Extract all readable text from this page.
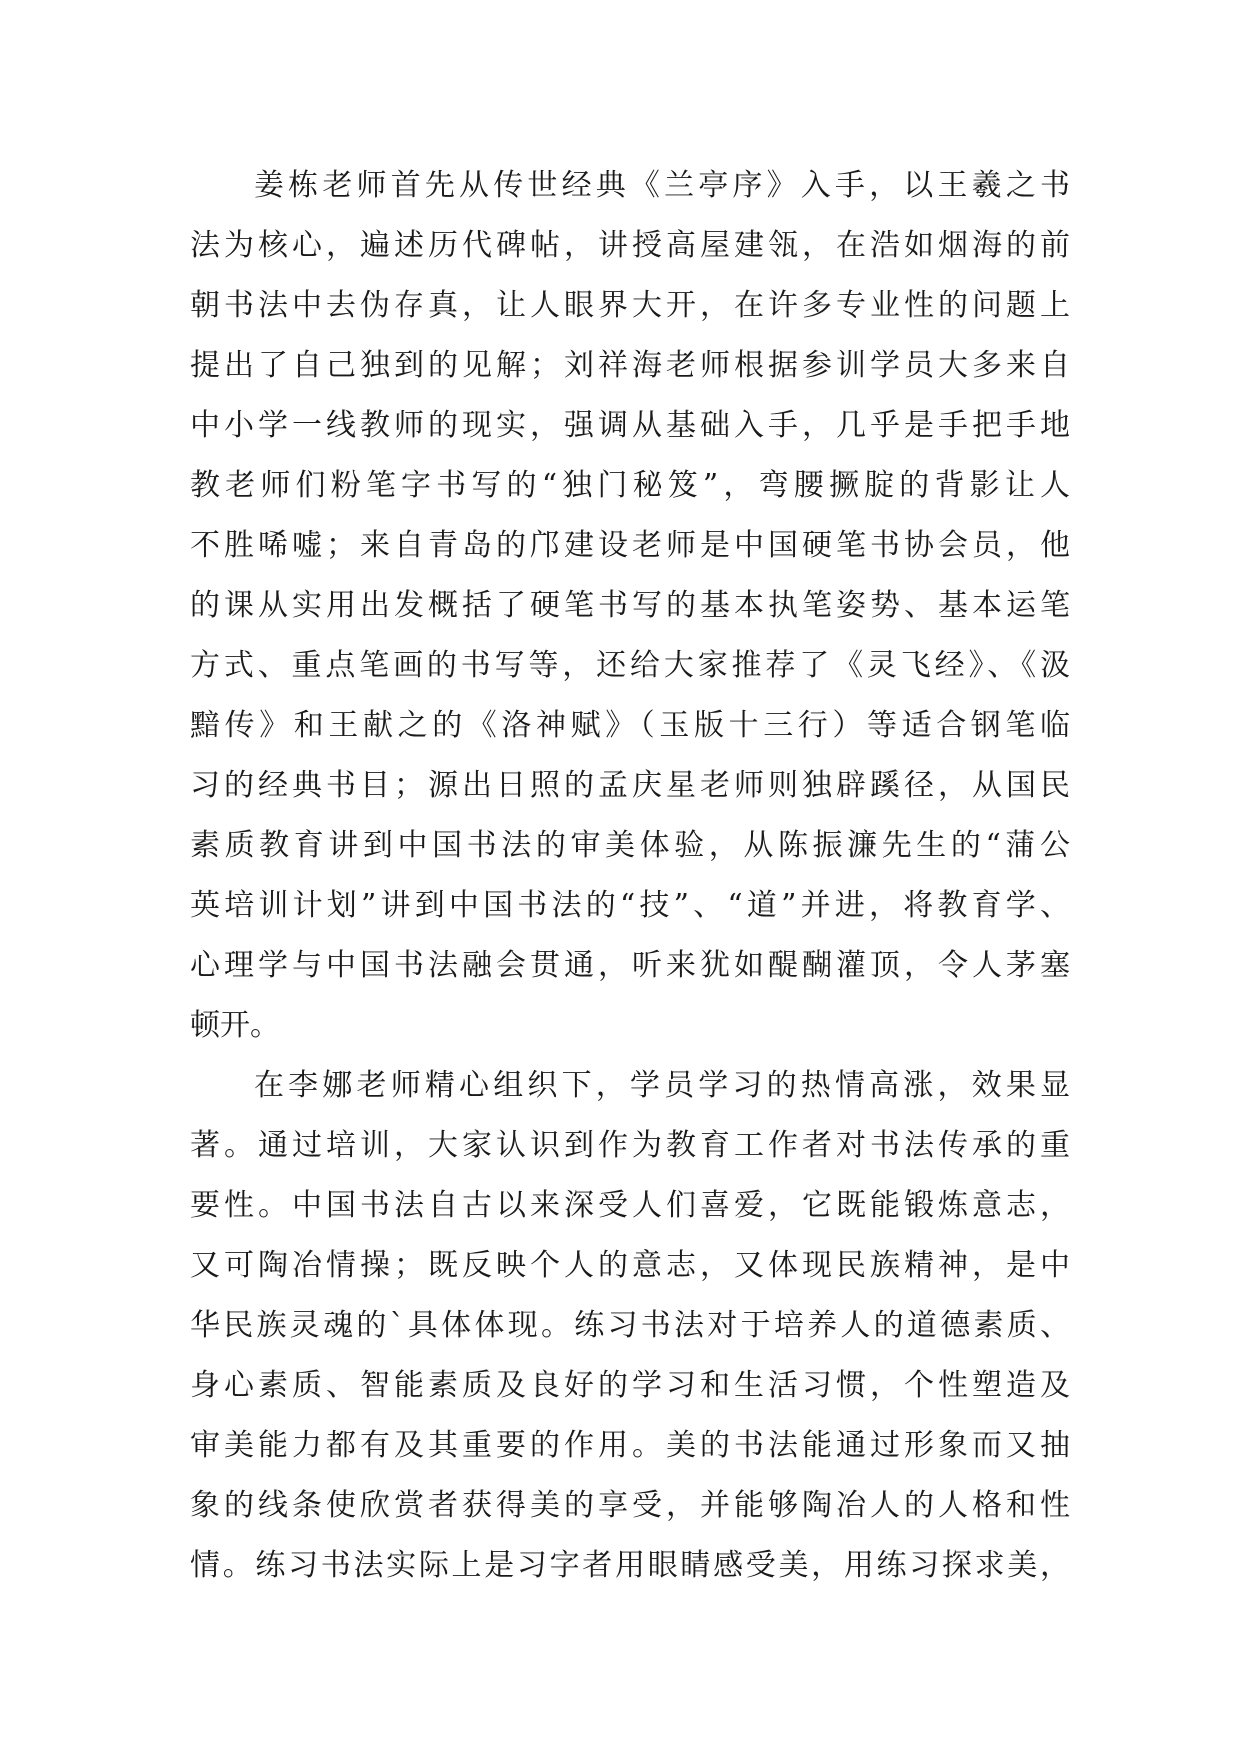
姜栋老师首先从传世经典《兰亭序》入手，以王羲之书
法为核心，遍述历代碑帖，讲授高屋建瓴，在浩如烟海的前
朝书法中去伪存真，让人眼界大开，在许多专业性的问题上
提出了自己独到的见解；刘祥海老师根据参训学员大多来自
中小学一线教师的现实，强调从基础入手，几乎是手把手地
教老师们粉笔字书写的“独门秘笈”，弯腰撅腚的背影让人
不胜唏嘘；来自青岛的邝建设老师是中国硬笔书协会员，他
的课从实用出发概括了硬笔书写的基本执笔姿势、基本运笔
方式、重点笔画的书写等，还给大家推荐了《灵飞经》、《汲
黯传》和王献之的《洛神赋》（玉版十三行）等适合钢笔临
习的经典书目；源出日照的孟庆星老师则独辟蹊径，从国民
素质教育讲到中国书法的审美体验，从陈振濂先生的“蒲公
英培训计划”讲到中国书法的“技”、“道”并进，将教育学、
心理学与中国书法融会贯通，听来犹如醍醐灌顶，令人茅塞
顿开。

在李娜老师精心组织下，学员学习的热情高涨，效果显
著。通过培训，大家认识到作为教育工作者对书法传承的重
要性。中国书法自古以来深受人们喜爱，它既能锻炼意志，
又可陶冶情操；既反映个人的意志，又体现民族精神，是中
华民族灵魂的`具体体现。练习书法对于培养人的道德素质、
身心素质、智能素质及良好的学习和生活习惯，个性塑造及
审美能力都有及其重要的作用。美的书法能通过形象而又抽
象的线条使欣赏者获得美的享受，并能够陶冶人的人格和性
情。练习书法实际上是习字者用眼睛感受美，用练习探求美，
